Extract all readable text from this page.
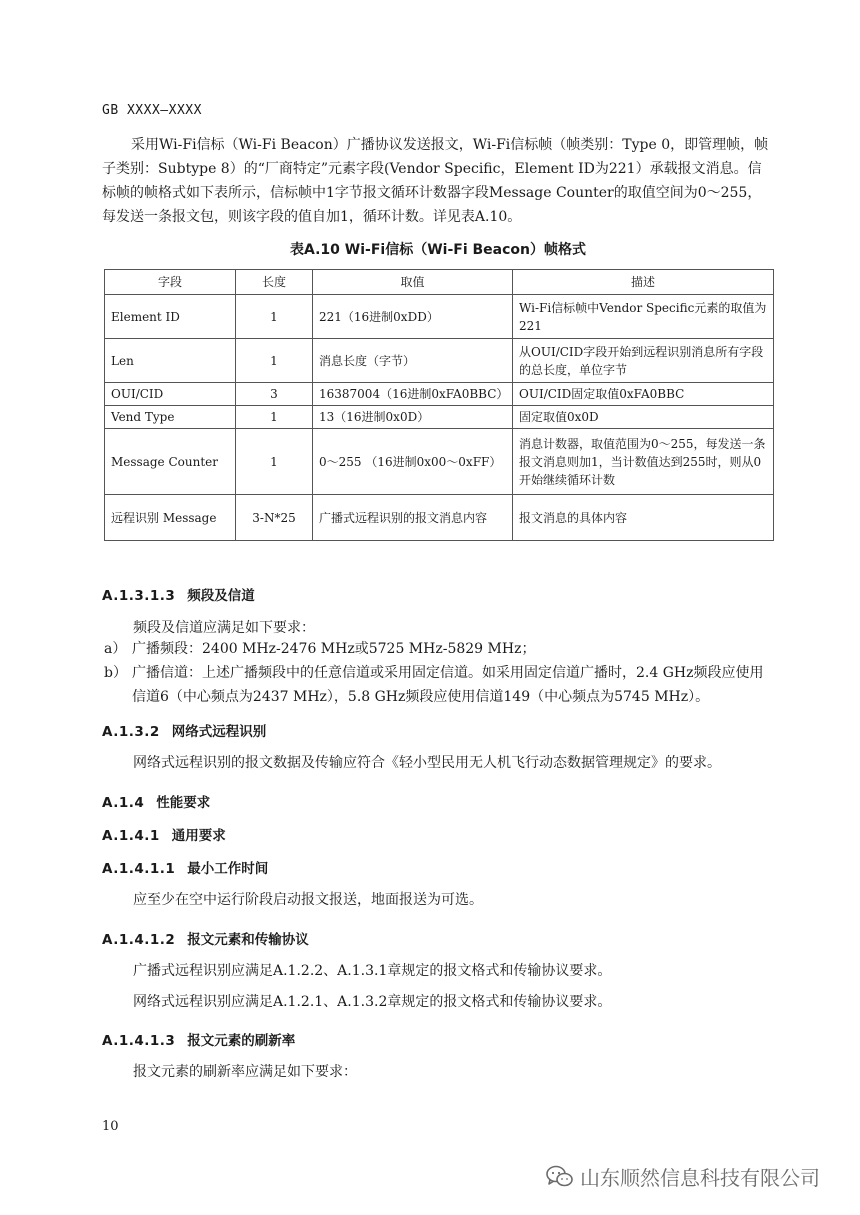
GB XXXX—XXXX

采用Wi-Fi信标（Wi-Fi Beacon）广播协议发送报文，Wi-Fi信标帧（帧类别：Type 0，即管理帧，帧子类别：Subtype 8）的“厂商特定”元素字段(Vendor Specific，Element ID为221）承载报文消息。信标帧的帧格式如下表所示，信标帧中1字节报文循环计数器字段Message Counter的取值空间为0～255，每发送一条报文包，则该字段的值自加1，循环计数。详见表A.10。

表A.10 Wi-Fi信标（Wi-Fi Beacon）帧格式
字段	长度	取值	描述
Element ID	1	221（16进制0xDD）	Wi-Fi信标帧中Vendor Specific元素的取值为221
Len	1	消息长度（字节）	从OUI/CID字段开始到远程识别消息所有字段的总长度，单位字节
OUI/CID	3	16387004（16进制0xFA0BBC）	OUI/CID固定取值0xFA0BBC
Vend Type	1	13（16进制0x0D）	固定取值0x0D
Message Counter	1	0～255 （16进制0x00～0xFF）	消息计数器，取值范围为0～255，每发送一条报文消息则加1，当计数值达到255时，则从0开始继续循环计数
远程识别 Message	3-N*25	广播式远程识别的报文消息内容	报文消息的具体内容
A.1.3.1.3 频段及信道
频段及信道应满足如下要求：
a） 广播频段：2400 MHz-2476 MHz或5725 MHz-5829 MHz；
b） 广播信道：上述广播频段中的任意信道或采用固定信道。如采用固定信道广播时，2.4 GHz频段应使用信道6（中心频点为2437 MHz），5.8 GHz频段应使用信道149（中心频点为5745 MHz）。
A.1.3.2 网络式远程识别
网络式远程识别的报文数据及传输应符合《轻小型民用无人机飞行动态数据管理规定》的要求。
A.1.4 性能要求
A.1.4.1 通用要求
A.1.4.1.1 最小工作时间
应至少在空中运行阶段启动报文报送，地面报送为可选。
A.1.4.1.2 报文元素和传输协议
广播式远程识别应满足A.1.2.2、A.1.3.1章规定的报文格式和传输协议要求。
网络式远程识别应满足A.1.2.1、A.1.3.2章规定的报文格式和传输协议要求。
A.1.4.1.3 报文元素的刷新率
报文元素的刷新率应满足如下要求：
10
山东顺然信息科技有限公司
